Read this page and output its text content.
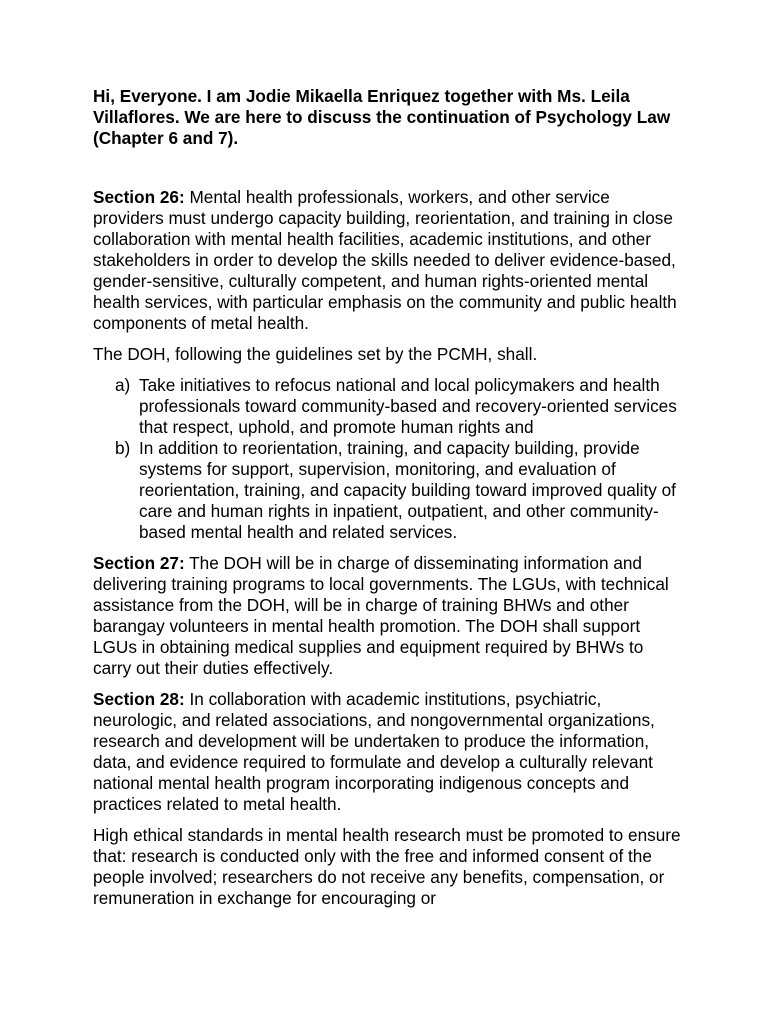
Hi, Everyone. I am Jodie Mikaella Enriquez together with Ms. Leila Villaflores. We are here to discuss the continuation of Psychology Law (Chapter 6 and 7).

Section 26: Mental health professionals, workers, and other service providers must undergo capacity building, reorientation, and training in close collaboration with mental health facilities, academic institutions, and other stakeholders in order to develop the skills needed to deliver evidence-based, gender-sensitive, culturally competent, and human rights-oriented mental health services, with particular emphasis on the community and public health components of metal health.

The DOH, following the guidelines set by the PCMH, shall.

a) Take initiatives to refocus national and local policymakers and health professionals toward community-based and recovery-oriented services that respect, uphold, and promote human rights and
b) In addition to reorientation, training, and capacity building, provide systems for support, supervision, monitoring, and evaluation of reorientation, training, and capacity building toward improved quality of care and human rights in inpatient, outpatient, and other community-based mental health and related services.

Section 27: The DOH will be in charge of disseminating information and delivering training programs to local governments. The LGUs, with technical assistance from the DOH, will be in charge of training BHWs and other barangay volunteers in mental health promotion. The DOH shall support LGUs in obtaining medical supplies and equipment required by BHWs to carry out their duties effectively.

Section 28: In collaboration with academic institutions, psychiatric, neurologic, and related associations, and nongovernmental organizations, research and development will be undertaken to produce the information, data, and evidence required to formulate and develop a culturally relevant national mental health program incorporating indigenous concepts and practices related to metal health.

High ethical standards in mental health research must be promoted to ensure that: research is conducted only with the free and informed consent of the people involved; researchers do not receive any benefits, compensation, or remuneration in exchange for encouraging or
